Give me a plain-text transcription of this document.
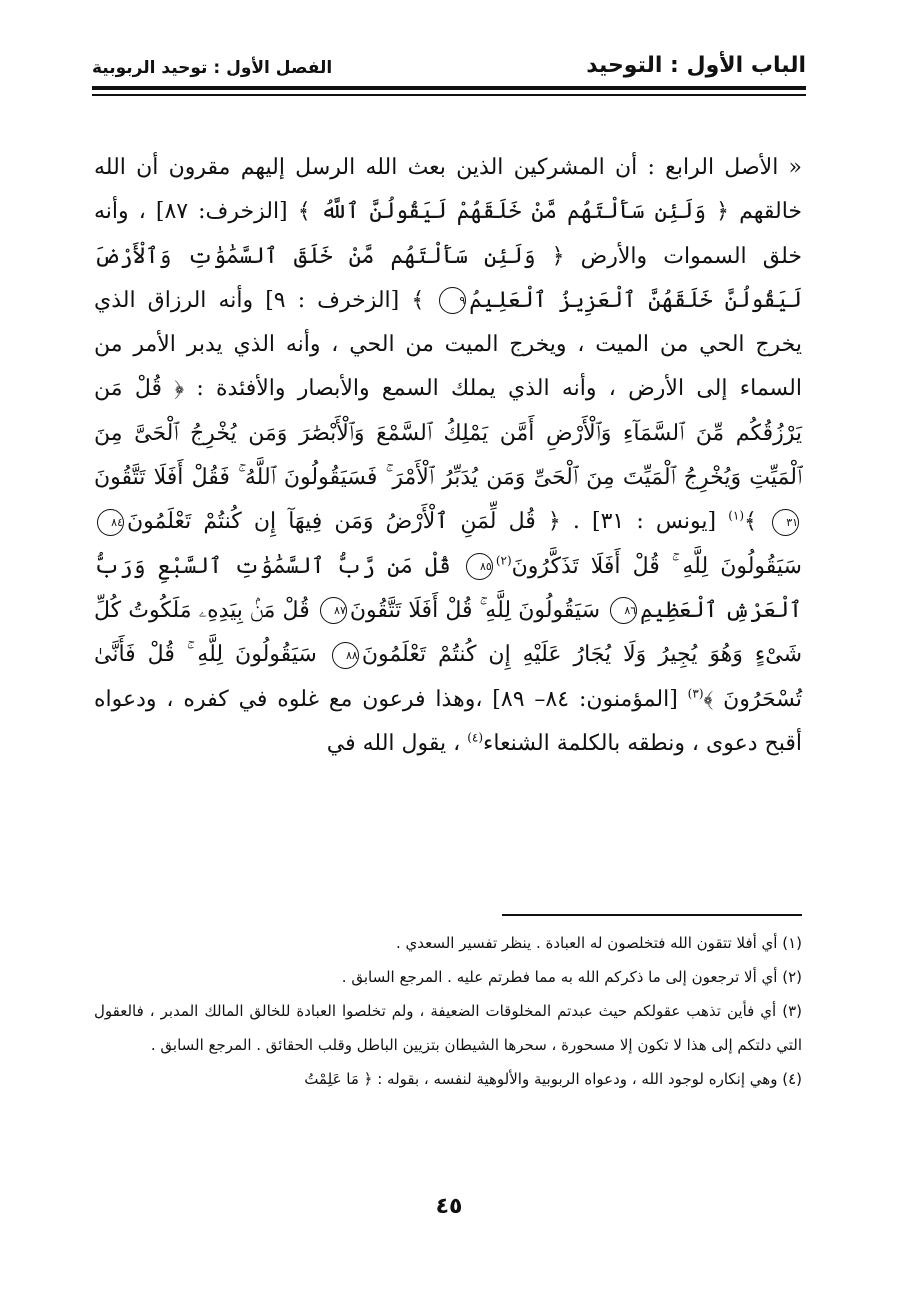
الباب الأول : التوحيد
الفصل الأول : توحيد الربوبية
« الأصل الرابع : أن المشركين الذين بعث الله الرسل إليهم مقرون أن الله خالقهم ﴿ وَلَئِن سَأَلْتَهُم مَّنْ خَلَقَهُمْ لَيَقُولُنَّ ٱللَّهُ ﴾ [الزخرف: ٨٧] ، وأنه خلق السموات والأرض ﴿ وَلَئِن سَأَلْتَهُم مَّنْ خَلَقَ ٱلسَّمَٰوَٰتِ وَٱلْأَرْضَ لَيَقُولُنَّ خَلَقَهُنَّ ٱلْعَزِيزُ ٱلْعَلِيمُ٩ ﴾ [الزخرف : ٩] وأنه الرزاق الذي يخرج الحي من الميت ، ويخرج الميت من الحي ، وأنه الذي يدبر الأمر من السماء إلى الأرض ، وأنه الذي يملك السمع والأبصار والأفئدة : ﴿ قُلْ مَن يَرْزُقُكُم مِّنَ ٱلسَّمَآءِ وَٱلْأَرْضِ أَمَّن يَمْلِكُ ٱلسَّمْعَ وَٱلْأَبْصَٰرَ وَمَن يُخْرِجُ ٱلْحَىَّ مِنَ ٱلْمَيِّتِ وَيُخْرِجُ ٱلْمَيِّتَ مِنَ ٱلْحَىِّ وَمَن يُدَبِّرُ ٱلْأَمْرَ ۚ فَسَيَقُولُونَ ٱللَّهُ ۚ فَقُلْ أَفَلَا تَتَّقُونَ٣١ ﴾$^{(١)}$ [يونس : ٣١] . ﴿ قُل لِّمَنِ ٱلْأَرْضُ وَمَن فِيهَآ إِن كُنتُمْ تَعْلَمُونَ٨٤ سَيَقُولُونَ لِلَّهِ ۚ قُلْ أَفَلَا تَذَكَّرُونَ$^{(٢)}$٨٥ قُلْ مَن رَّبُّ ٱلسَّمَٰوَٰتِ ٱلسَّبْعِ وَرَبُّ ٱلْعَرْشِ ٱلْعَظِيمِ٨٦ سَيَقُولُونَ لِلَّهِ ۚ قُلْ أَفَلَا تَتَّقُونَ٨٧ قُلْ مَنۢ بِيَدِهِۦ مَلَكُوتُ كُلِّ شَىْءٍ وَهُوَ يُجِيرُ وَلَا يُجَارُ عَلَيْهِ إِن كُنتُمْ تَعْلَمُونَ٨٨ سَيَقُولُونَ لِلَّهِ ۚ قُلْ فَأَنَّىٰ تُسْحَرُونَ ﴾$^{(٣)}$ [المؤمنون: ٨٤– ٨٩] ،وهذا فرعون مع غلوه في كفره ، ودعواه أقبح دعوى ، ونطقه بالكلمة الشنعاء$^{(٤)}$ ، يقول الله في

(١) أي أفلا تتقون الله فتخلصون له العبادة . ينظر تفسير السعدي .

(٢) أي ألا ترجعون إلى ما ذكركم الله به مما فطرتم عليه . المرجع السابق .

(٣) أي فأين تذهب عقولكم حيث عبدتم المخلوقات الضعيفة ، ولم تخلصوا العبادة للخالق المالك المدبر ، فالعقول التي دلتكم إلى هذا لا تكون إلا مسحورة ، سحرها الشيطان بتزيين الباطل وقلب الحقائق . المرجع السابق .

(٤) وهي إنكاره لوجود الله ، ودعواه الربوبية والألوهية لنفسه ، بقوله : ﴿ مَا عَلِمْتُ

٤٥
